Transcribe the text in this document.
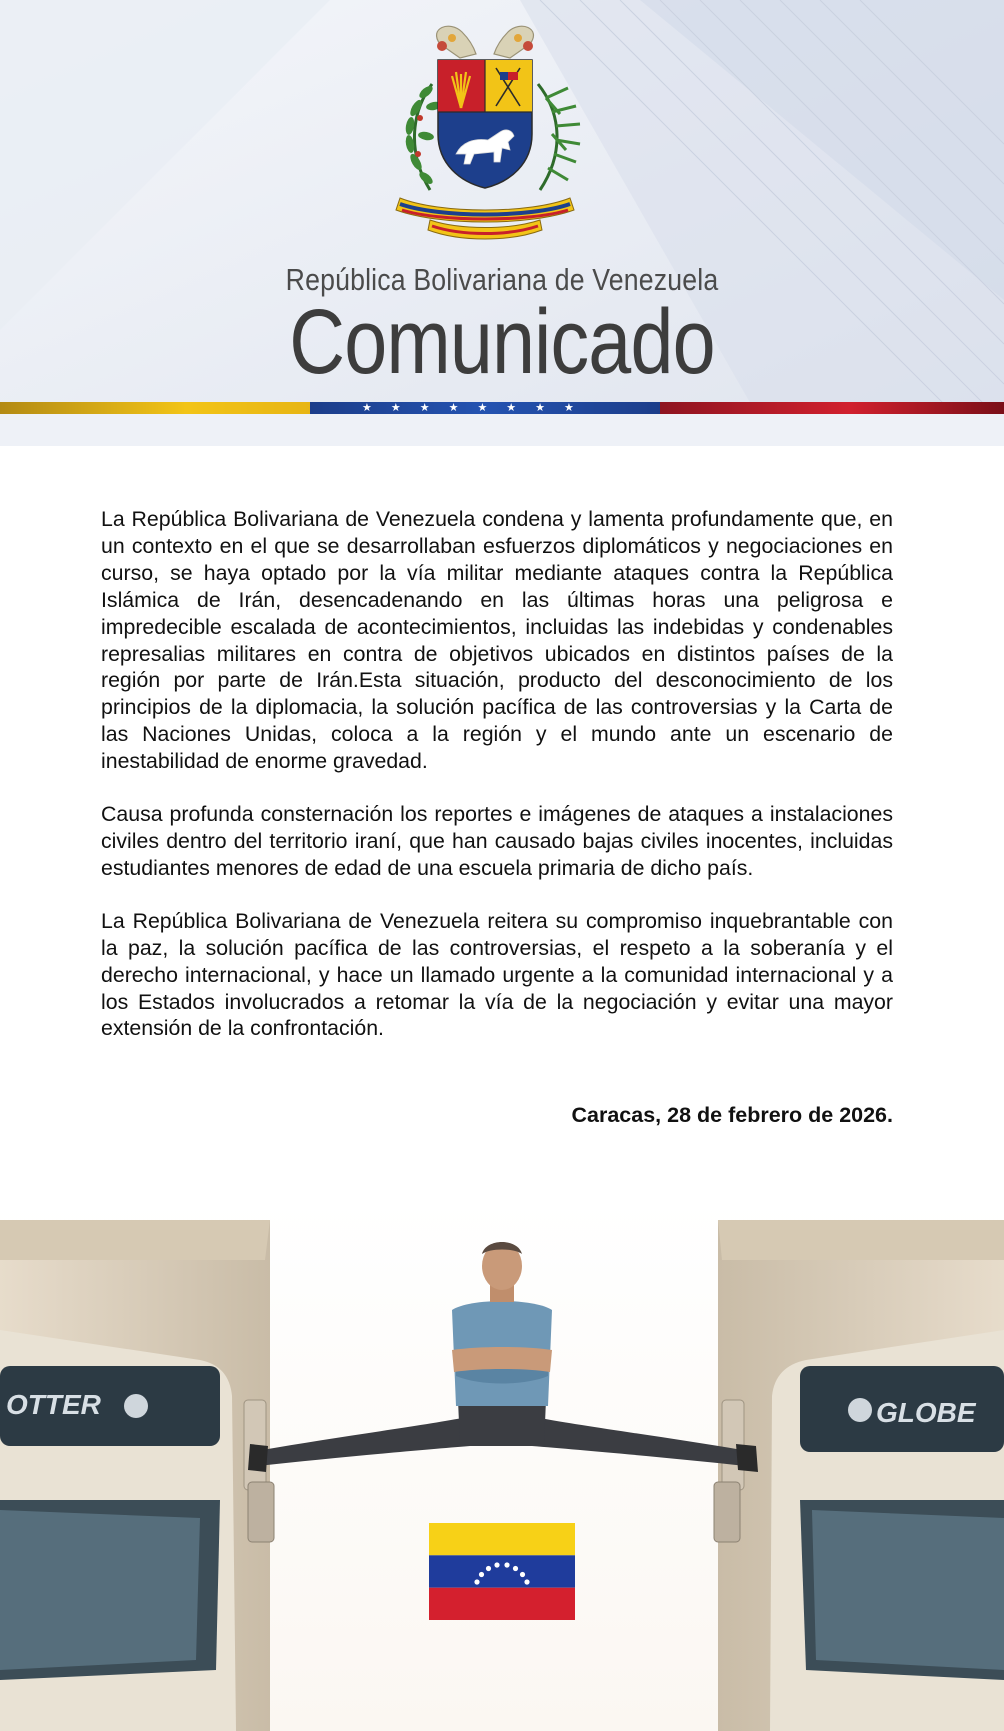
República Bolivariana de Venezuela
Comunicado
★★★★★★★★

La República Bolivariana de Venezuela condena y lamenta profundamente que, en un contexto en el que se desarrollaban esfuerzos diplomáticos y negociaciones en curso, se haya optado por la vía militar mediante ataques contra la República Islámica de Irán, desencadenando en las últimas horas una peligrosa e impredecible escalada de acontecimientos, incluidas las indebidas y condenables represalias militares en contra de objetivos ubicados en distintos países de la región por parte de Irán.Esta situación, producto del desconocimiento de los principios de la diplomacia, la solución pacífica de las controversias y la Carta de las Naciones Unidas, coloca a la región y el mundo ante un escenario de inestabilidad de enorme gravedad.

Causa profunda consternación los reportes e imágenes de ataques a instalaciones civiles dentro del territorio iraní, que han causado bajas civiles inocentes, incluidas estudiantes menores de edad de una escuela primaria de dicho país.

La República Bolivariana de Venezuela reitera su compromiso inquebrantable con la paz, la solución pacífica de las controversias, el respeto a la soberanía y el derecho internacional, y hace un llamado urgente a la comunidad internacional y a los Estados involucrados a retomar la vía de la negociación y evitar una mayor extensión de la confrontación.

Caracas, 28 de febrero de 2026.
OTTER	GLOBE
